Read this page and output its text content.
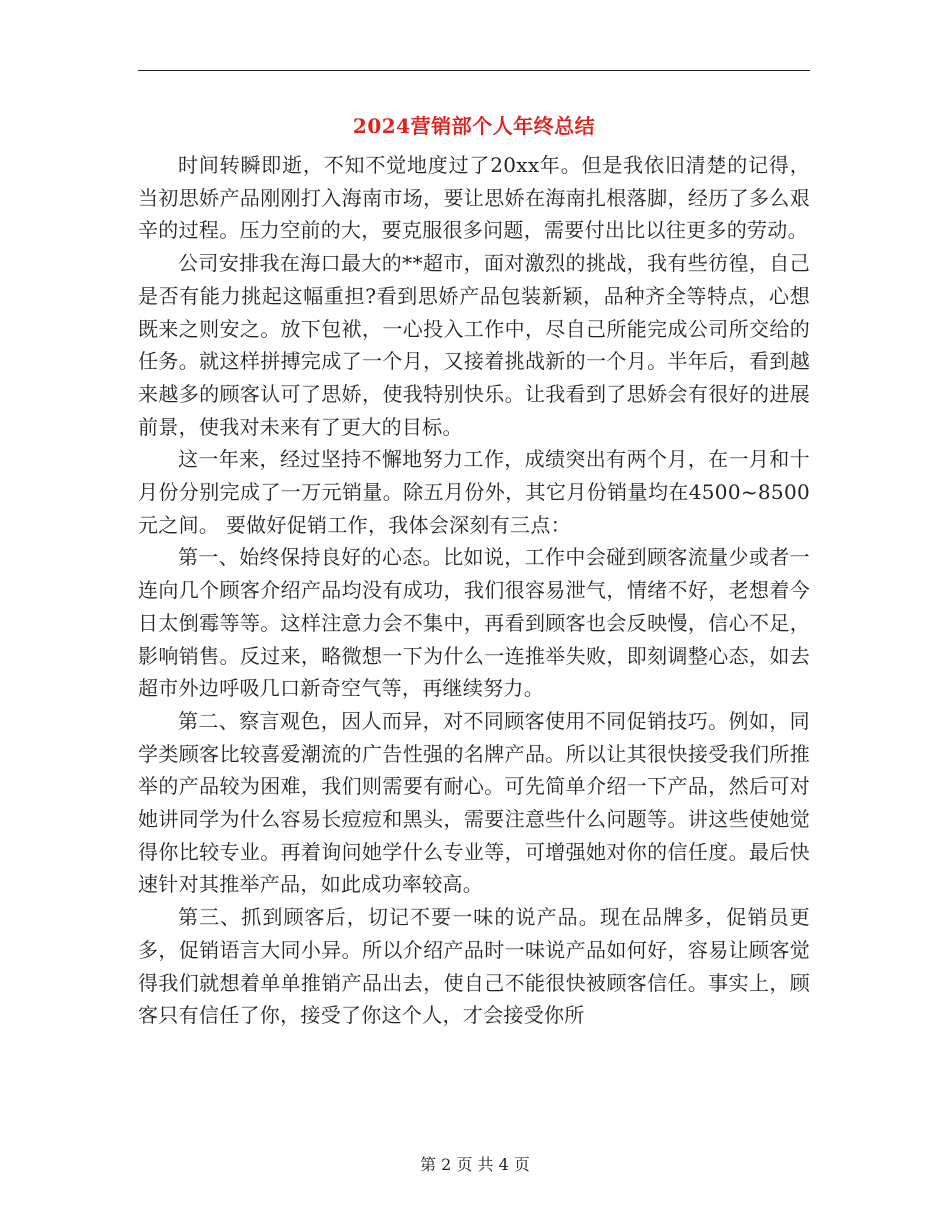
2024营销部个人年终总结

时间转瞬即逝，不知不觉地度过了20xx年。但是我依旧清楚的记得，当初思娇产品刚刚打入海南市场，要让思娇在海南扎根落脚，经历了多么艰辛的过程。压力空前的大，要克服很多问题，需要付出比以往更多的劳动。

公司安排我在海口最大的**超市，面对激烈的挑战，我有些彷徨，自己是否有能力挑起这幅重担?看到思娇产品包装新颖，品种齐全等特点，心想既来之则安之。放下包袱，一心投入工作中，尽自己所能完成公司所交给的任务。就这样拼搏完成了一个月，又接着挑战新的一个月。半年后，看到越来越多的顾客认可了思娇，使我特别快乐。让我看到了思娇会有很好的进展前景，使我对未来有了更大的目标。

这一年来，经过坚持不懈地努力工作，成绩突出有两个月，在一月和十月份分别完成了一万元销量。除五月份外，其它月份销量均在4500~8500元之间。 要做好促销工作，我体会深刻有三点：

第一、始终保持良好的心态。比如说，工作中会碰到顾客流量少或者一连向几个顾客介绍产品均没有成功，我们很容易泄气，情绪不好，老想着今日太倒霉等等。这样注意力会不集中，再看到顾客也会反映慢，信心不足，影响销售。反过来，略微想一下为什么一连推举失败，即刻调整心态，如去超市外边呼吸几口新奇空气等，再继续努力。

第二、察言观色，因人而异，对不同顾客使用不同促销技巧。例如，同学类顾客比较喜爱潮流的广告性强的名牌产品。所以让其很快接受我们所推举的产品较为困难，我们则需要有耐心。可先简单介绍一下产品，然后可对她讲同学为什么容易长痘痘和黑头，需要注意些什么问题等。讲这些使她觉得你比较专业。再着询问她学什么专业等，可增强她对你的信任度。最后快速针对其推举产品，如此成功率较高。

第三、抓到顾客后，切记不要一味的说产品。现在品牌多，促销员更多，促销语言大同小异。所以介绍产品时一味说产品如何好，容易让顾客觉得我们就想着单单推销产品出去，使自己不能很快被顾客信任。事实上，顾客只有信任了你，接受了你这个人，才会接受你所

第 2 页 共 4 页
